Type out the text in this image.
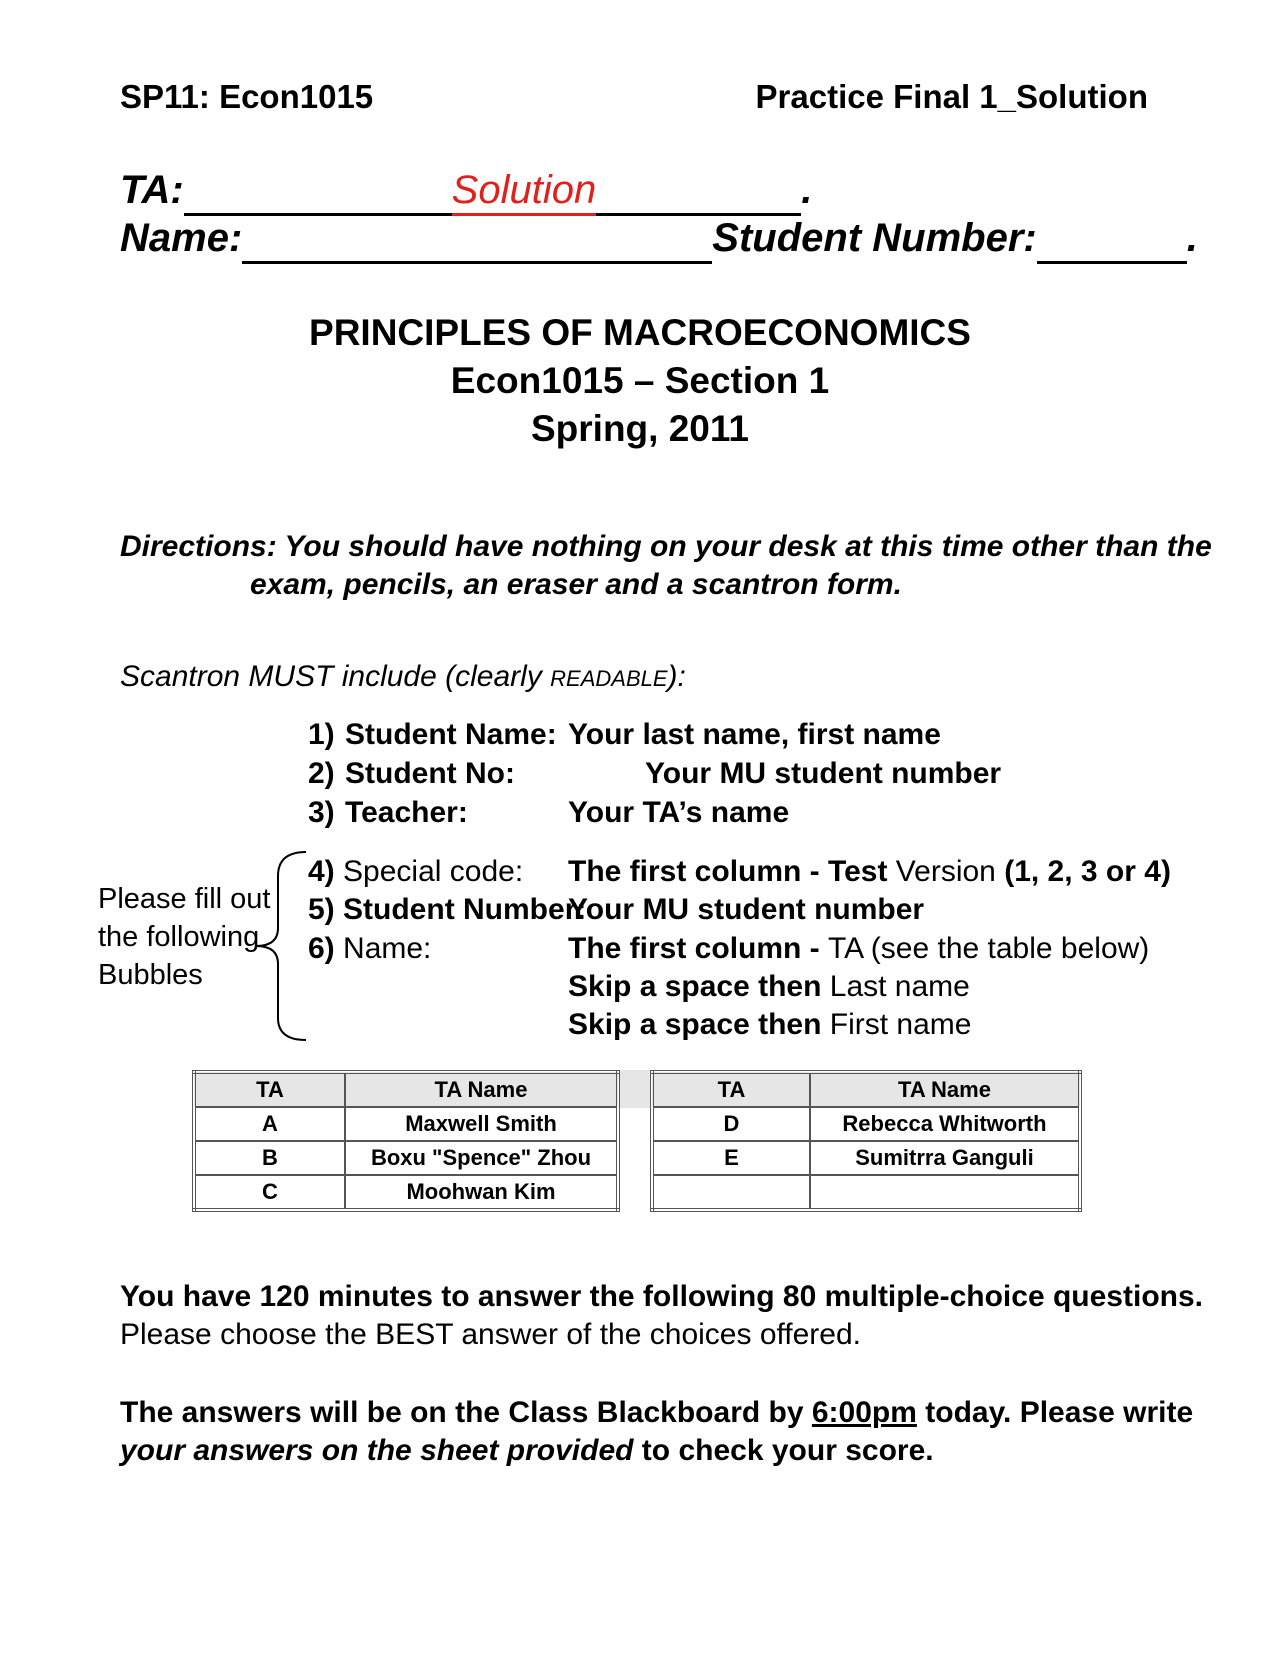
SP11: Econ1015	Practice Final 1_Solution
TA:	Solution	.
Name:	Student Number:	.
PRINCIPLES OF MACROECONOMICS
Econ1015 – Section 1
Spring, 2011
Directions: You should have nothing on your desk at this time other than the
exam, pencils, an eraser and a scantron form.
Scantron MUST include (clearly READABLE):
1) Student Name: Your last name, first name
2) Student No:	Your MU student number
3) Teacher:	Your TA’s name
Please fill out
the following
Bubbles
4) Special code: The first column - Test Version (1, 2, 3 or 4)
5) Student Number:
Your MU student number
6) Name:	The first column - TA (see the table below)
Skip a space then Last name
Skip a space then First name
TA	TA Name
A	Maxwell Smith
B	Boxu "Spence" Zhou
C	Moohwan Kim
TA	TA Name
D	Rebecca Whitworth
E	Sumitrra Ganguli

You have 120 minutes to answer the following 80 multiple-choice questions.
Please choose the BEST answer of the choices offered.
The answers will be on the Class Blackboard by 6:00pm today. Please write
your answers on the sheet provided to check your score.
